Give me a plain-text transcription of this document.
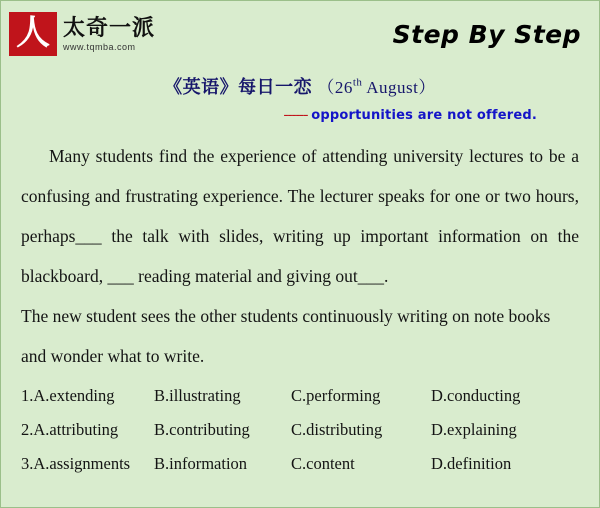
人 太奇一派
www.tqmba.com	Step By Step
《英语》每日一恋 （26th August）
------ opportunities are not offered.
Many students find the experience of attending university lectures to be a confusing and frustrating experience. The lecturer speaks for one or two hours, perhaps___ the talk with slides, writing up important information on the blackboard, ___ reading material and giving out___.
The new student sees the other students continuously writing on note books and wonder what to write.
1.A.extending	B.illustrating	C.performing	D.conducting
2.A.attributing	B.contributing	C.distributing	D.explaining
3.A.assignments	B.information	C.content	D.definition
